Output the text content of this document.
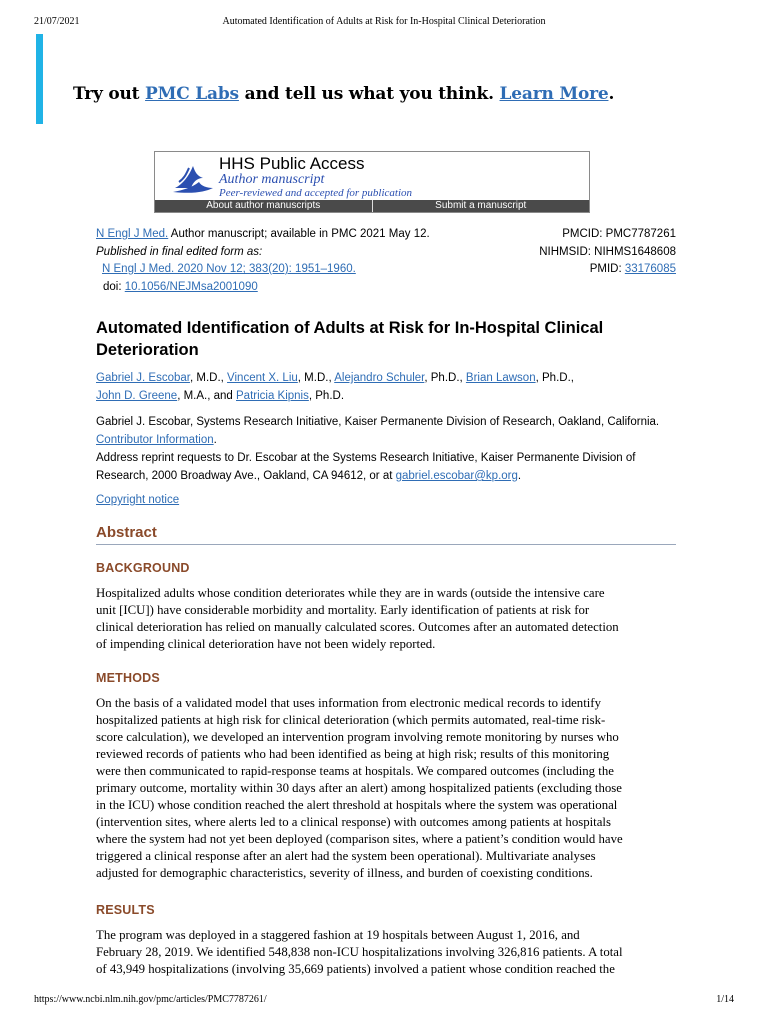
21/07/2021	Automated Identification of Adults at Risk for In-Hospital Clinical Deterioration
Try out PMC Labs and tell us what you think. Learn More.
HHS Public Access
Author manuscript
Peer-reviewed and accepted for publication
About author manuscripts	Submit a manuscript
N Engl J Med. Author manuscript; available in PMC 2021 May 12.	PMCID: PMC7787261
Published in final edited form as:	NIHMSID: NIHMS1648608
N Engl J Med. 2020 Nov 12; 383(20): 1951–1960.	PMID: 33176085
doi: 10.1056/NEJMsa2001090
Automated Identification of Adults at Risk for In-Hospital Clinical
Deterioration
Gabriel J. Escobar, M.D., Vincent X. Liu, M.D., Alejandro Schuler, Ph.D., Brian Lawson, Ph.D.,
John D. Greene, M.A., and Patricia Kipnis, Ph.D.
Gabriel J. Escobar, Systems Research Initiative, Kaiser Permanente Division of Research, Oakland, California.
Contributor Information.
Address reprint requests to Dr. Escobar at the Systems Research Initiative, Kaiser Permanente Division of
Research, 2000 Broadway Ave., Oakland, CA 94612, or at gabriel.escobar@kp.org.
Copyright notice
Abstract
BACKGROUND
Hospitalized adults whose condition deteriorates while they are in wards (outside the intensive care
unit [ICU]) have considerable morbidity and mortality. Early identification of patients at risk for
clinical deterioration has relied on manually calculated scores. Outcomes after an automated detection
of impending clinical deterioration have not been widely reported.
METHODS
On the basis of a validated model that uses information from electronic medical records to identify
hospitalized patients at high risk for clinical deterioration (which permits automated, real-time risk-
score calculation), we developed an intervention program involving remote monitoring by nurses who
reviewed records of patients who had been identified as being at high risk; results of this monitoring
were then communicated to rapid-response teams at hospitals. We compared outcomes (including the
primary outcome, mortality within 30 days after an alert) among hospitalized patients (excluding those
in the ICU) whose condition reached the alert threshold at hospitals where the system was operational
(intervention sites, where alerts led to a clinical response) with outcomes among patients at hospitals
where the system had not yet been deployed (comparison sites, where a patient’s condition would have
triggered a clinical response after an alert had the system been operational). Multivariate analyses
adjusted for demographic characteristics, severity of illness, and burden of coexisting conditions.
RESULTS
The program was deployed in a staggered fashion at 19 hospitals between August 1, 2016, and
February 28, 2019. We identified 548,838 non-ICU hospitalizations involving 326,816 patients. A total
of 43,949 hospitalizations (involving 35,669 patients) involved a patient whose condition reached the
https://www.ncbi.nlm.nih.gov/pmc/articles/PMC7787261/	1/14
